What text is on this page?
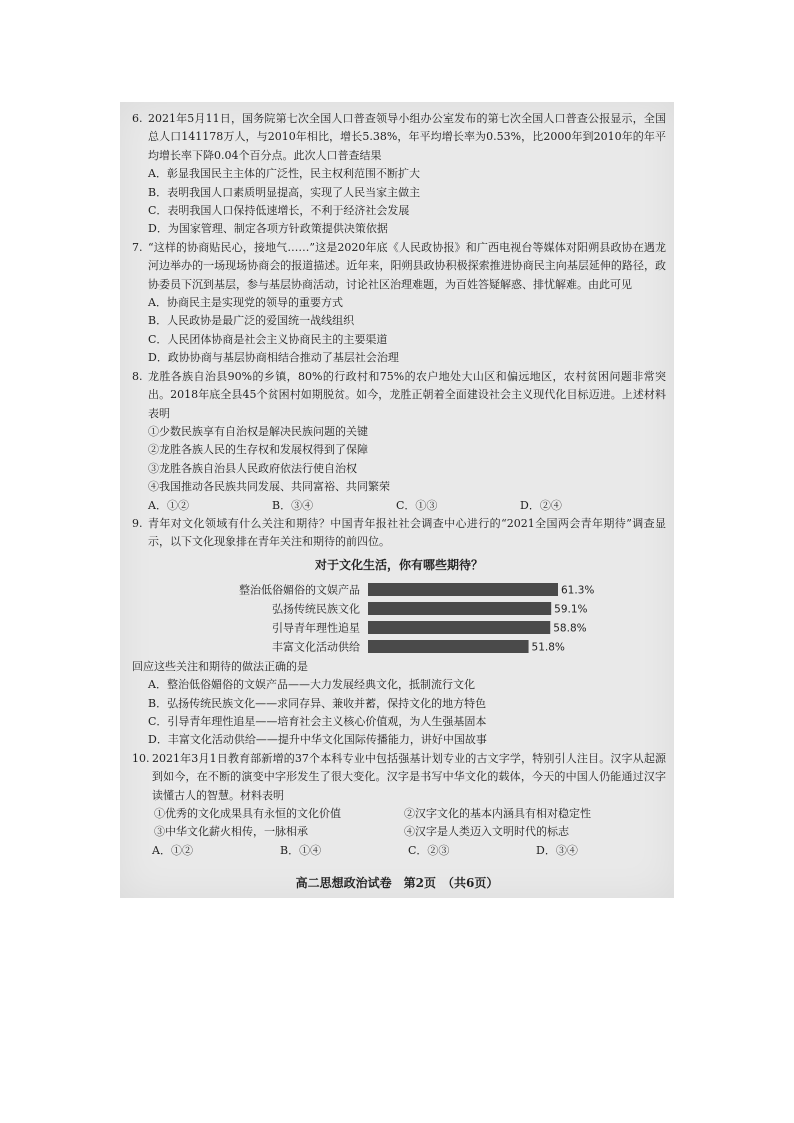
6. 2021年5月11日，国务院第七次全国人口普查领导小组办公室发布的第七次全国人口普查公报显示，全国总人口141178万人，与2010年相比，增长5.38%，年平均增长率为0.53%，比2000年到2010年的年平均增长率下降0.04个百分点。此次人口普查结果
A．彰显我国民主主体的广泛性，民主权利范围不断扩大
B．表明我国人口素质明显提高，实现了人民当家主做主
C．表明我国人口保持低速增长，不利于经济社会发展
D．为国家管理、制定各项方针政策提供决策依据
7. “这样的协商贴民心，接地气……”这是2020年底《人民政协报》和广西电视台等媒体对阳朔县政协在遇龙河边举办的一场现场协商会的报道描述。近年来，阳朔县政协积极探索推进协商民主向基层延伸的路径，政协委员下沉到基层，参与基层协商活动，讨论社区治理难题，为百姓答疑解惑、排忧解难。由此可见
A．协商民主是实现党的领导的重要方式
B．人民政协是最广泛的爱国统一战线组织
C．人民团体协商是社会主义协商民主的主要渠道
D．政协协商与基层协商相结合推动了基层社会治理
8. 龙胜各族自治县90%的乡镇，80%的行政村和75%的农户地处大山区和偏远地区，农村贫困问题非常突出。2018年底全县45个贫困村如期脱贫。如今，龙胜正朝着全面建设社会主义现代化目标迈进。上述材料表明
①少数民族享有自治权是解决民族问题的关键
②龙胜各族人民的生存权和发展权得到了保障
③龙胜各族自治县人民政府依法行使自治权
④我国推动各民族共同发展、共同富裕、共同繁荣
A．①②	B．③④	C．①③	D．②④
9. 青年对文化领域有什么关注和期待？中国青年报社社会调查中心进行的“2021全国两会青年期待”调查显示，以下文化现象排在青年关注和期待的前四位。
对于文化生活，你有哪些期待？
整治低俗媚俗的文娱产品	61.3%
弘扬传统民族文化	59.1%
引导青年理性追星	58.8%
丰富文化活动供给	51.8%
回应这些关注和期待的做法正确的是
A．整治低俗媚俗的文娱产品——大力发展经典文化，抵制流行文化
B．弘扬传统民族文化——求同存异、兼收并蓄，保持文化的地方特色
C．引导青年理性追星——培育社会主义核心价值观，为人生强基固本
D．丰富文化活动供给——提升中华文化国际传播能力，讲好中国故事
10. 2021年3月1日教育部新增的37个本科专业中包括强基计划专业的古文字学，特别引人注目。汉字从起源到如今，在不断的演变中字形发生了很大变化。汉字是书写中华文化的载体，今天的中国人仍能通过汉字读懂古人的智慧。材料表明
①优秀的文化成果具有永恒的文化价值	②汉字文化的基本内涵具有相对稳定性
③中华文化薪火相传，一脉相承	④汉字是人类迈入文明时代的标志
A．①②	B．①④	C．②③	D．③④
高二思想政治试卷　第2页　（共6页）
